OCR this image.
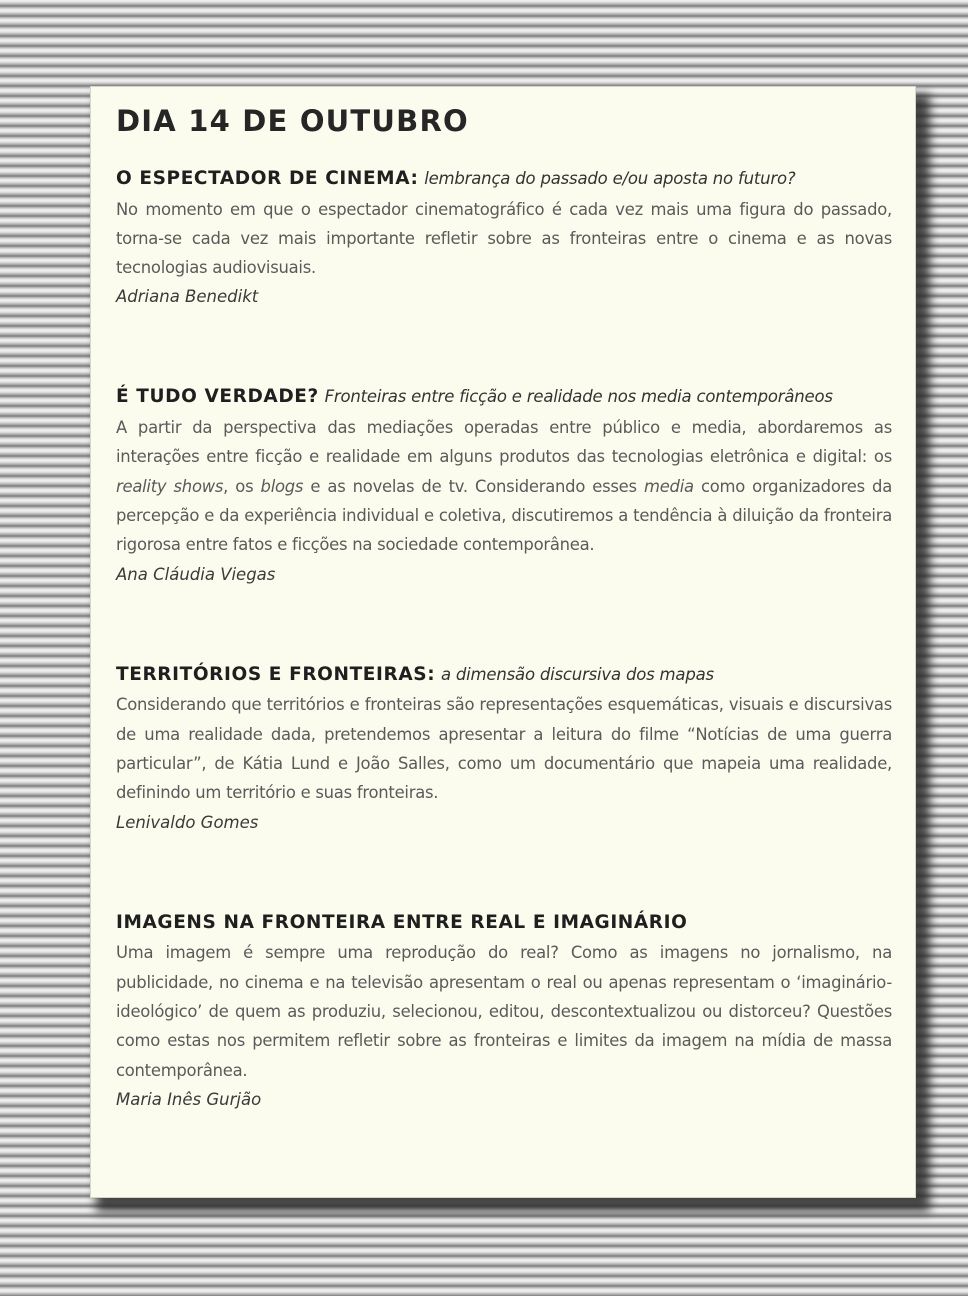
DIA 14 DE OUTUBRO

O ESPECTADOR DE CINEMA: lembrança do passado e/ou aposta no futuro?

No momento em que o espectador cinematográfico é cada vez mais uma figura do passado, torna-se cada vez mais importante refletir sobre as fronteiras entre o cinema e as novas tecnologias audiovisuais.

Adriana Benedikt

É TUDO VERDADE? Fronteiras entre ficção e realidade nos media contemporâneos

A partir da perspectiva das mediações operadas entre público e media, abordaremos as interações entre ficção e realidade em alguns produtos das tecnologias eletrônica e digital: os reality shows, os blogs e as novelas de tv. Considerando esses media como organizadores da percepção e da experiência individual e coletiva, discutiremos a tendência à diluição da fronteira rigorosa entre fatos e ficções na sociedade contemporânea.

Ana Cláudia Viegas

TERRITÓRIOS E FRONTEIRAS: a dimensão discursiva dos mapas

Considerando que territórios e fronteiras são representações esquemáticas, visuais e discursivas de uma realidade dada, pretendemos apresentar a leitura do filme “Notícias de uma guerra particular”, de Kátia Lund e João Salles, como um documentário que mapeia uma realidade, definindo um território e suas fronteiras.

Lenivaldo Gomes

IMAGENS NA FRONTEIRA ENTRE REAL E IMAGINÁRIO

Uma imagem é sempre uma reprodução do real? Como as imagens no jornalismo, na publicidade, no cinema e na televisão apresentam o real ou apenas representam o ‘imaginário-ideológico’ de quem as produziu, selecionou, editou, descontextualizou ou distorceu? Questões como estas nos permitem refletir sobre as fronteiras e limites da imagem na mídia de massa contemporânea.

Maria Inês Gurjão
